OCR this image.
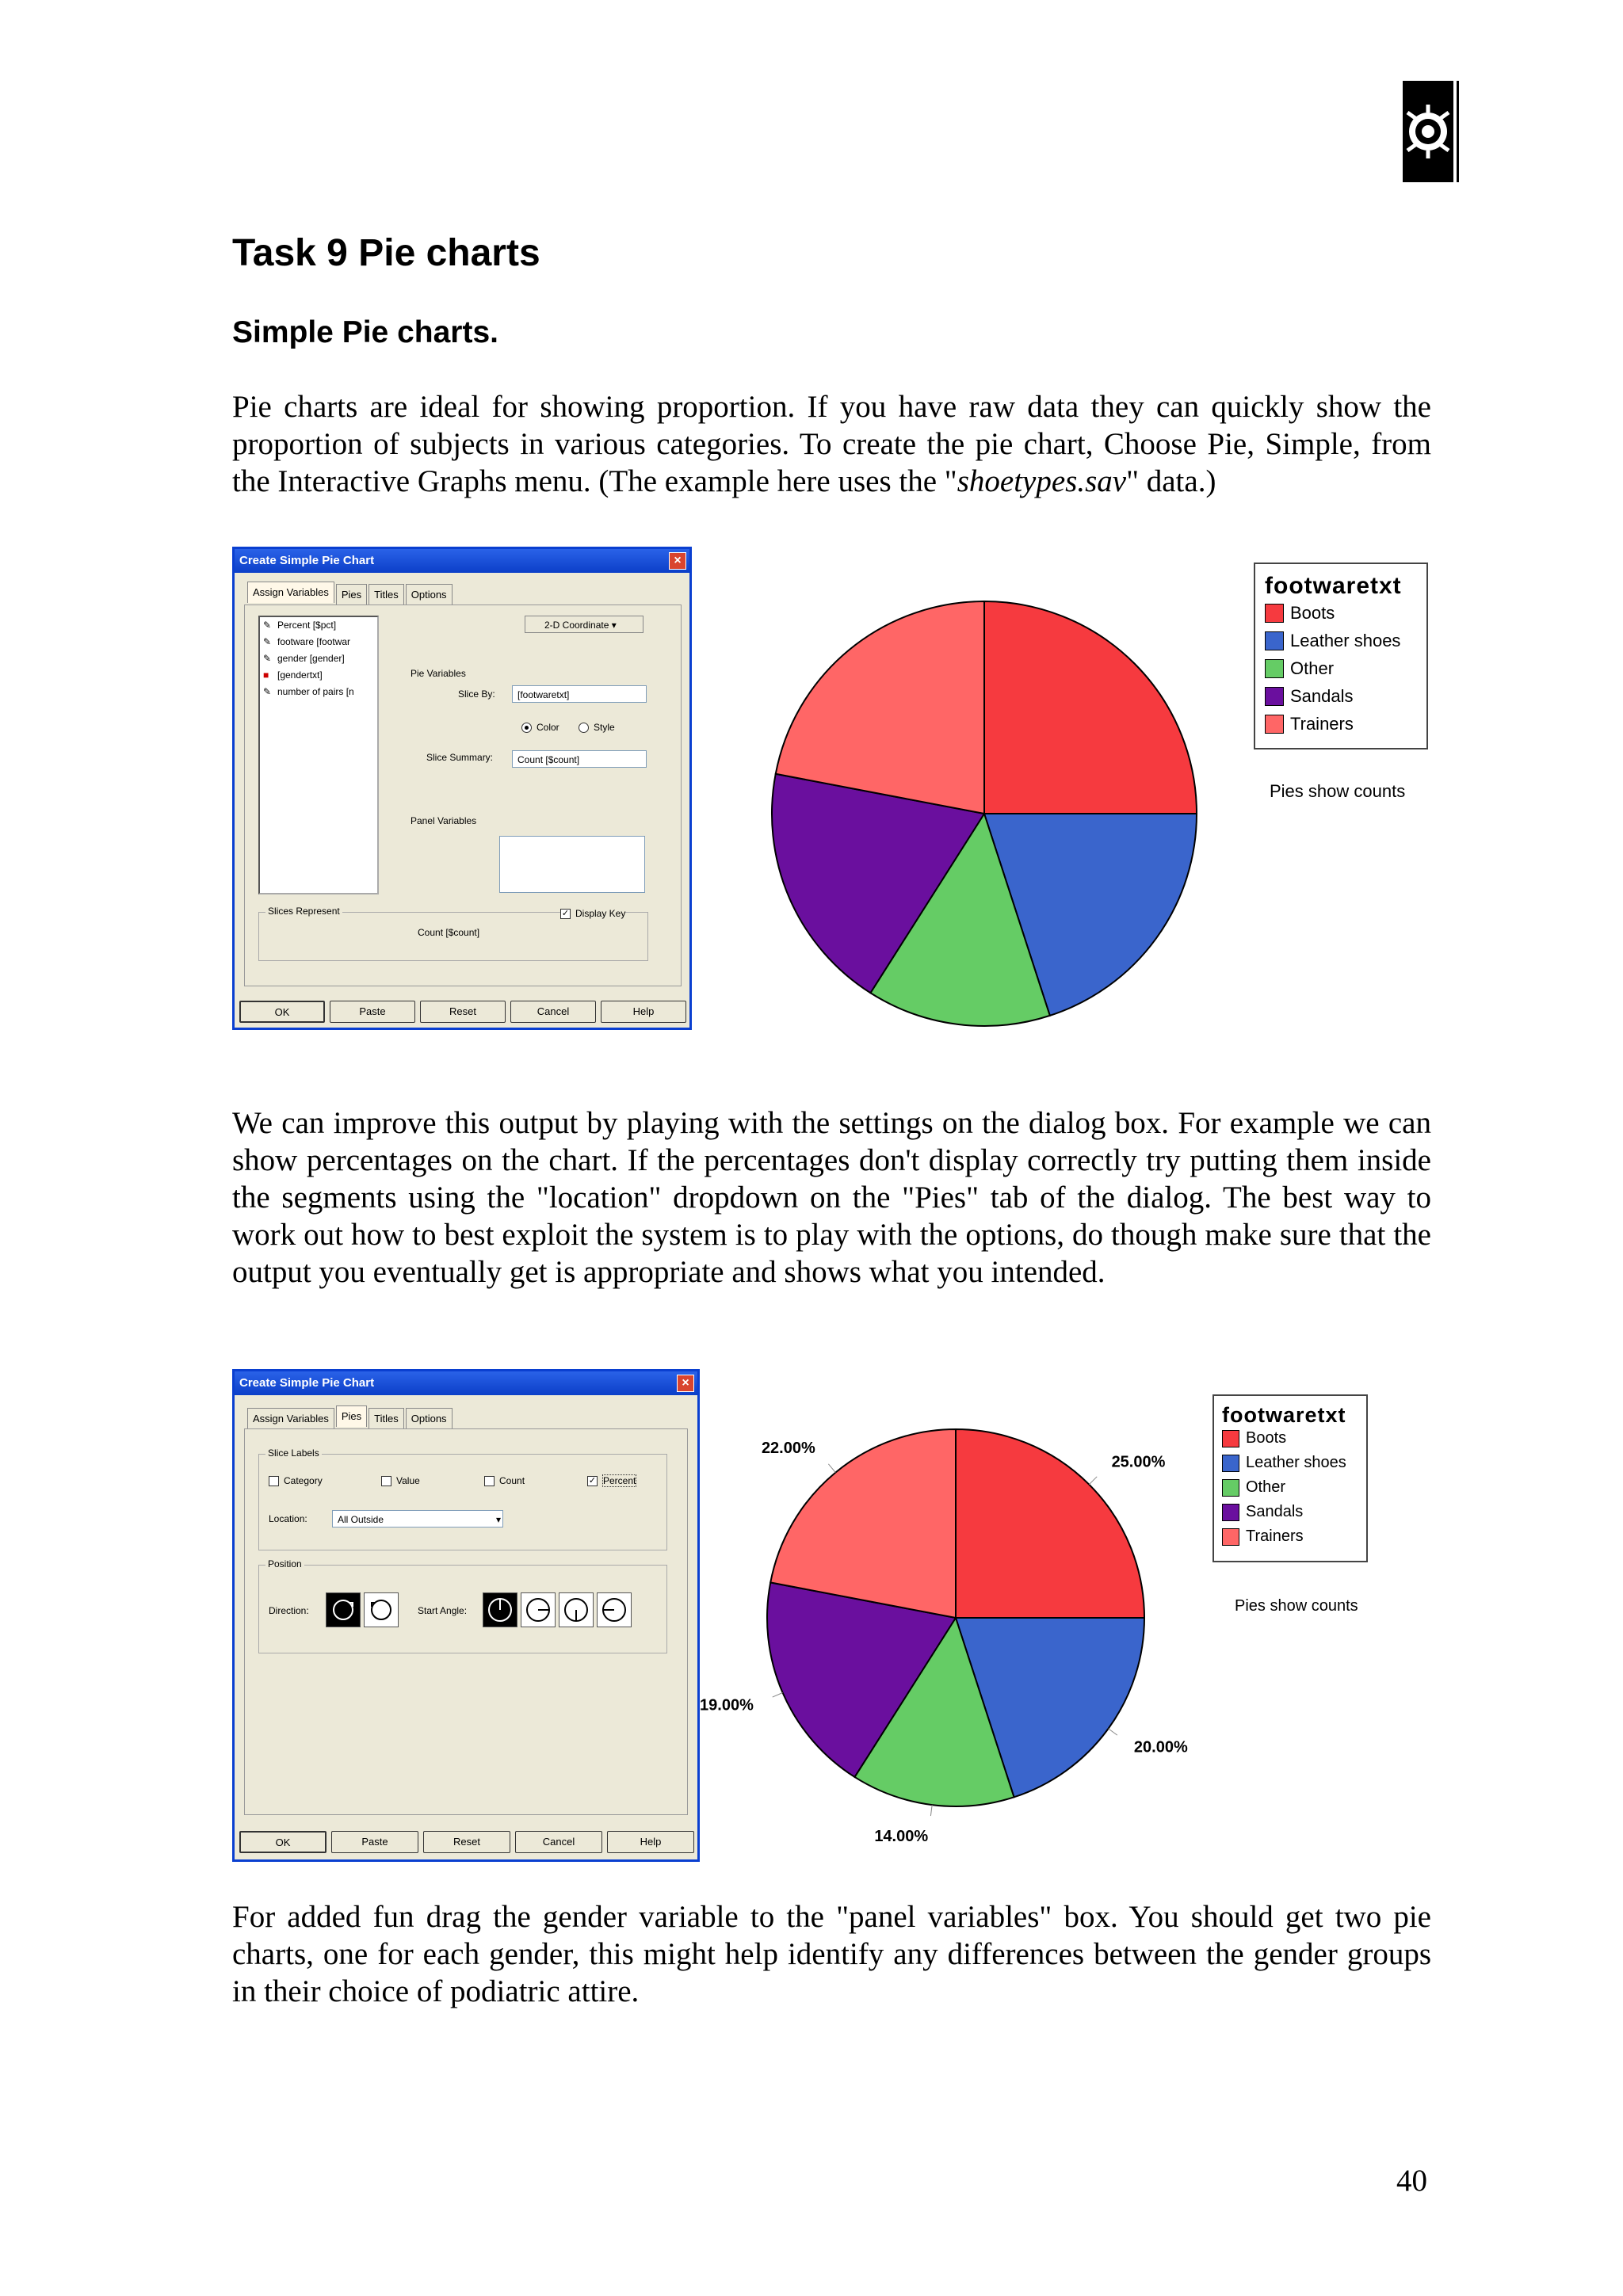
Task 9 Pie charts
Simple Pie charts.
Pie charts are ideal for showing proportion. If you have raw data they can quickly show the proportion of subjects in various categories. To create the pie chart, Choose Pie, Simple, from the Interactive Graphs menu. (The example here uses the "shoetypes.sav" data.)
Create Simple Pie Chart	×
Assign Variables Pies Titles Options
✎ Percent [$pct]
✎ footware [footwar
✎ gender [gender]
■ [gendertxt]
✎ number of pairs [n
2-D Coordinate ▾
Pie Variables
Slice By:	[footwaretxt]
Color	Style
Slice Summary:	Count [$count]
Panel Variables
Slices Represent
Count [$count]
✓ Display Key
OK	Paste	Reset	Cancel	Help
footwaretxt
Boots
Leather shoes
Other
Sandals
Trainers
Pies show counts
We can improve this output by playing with the settings on the dialog box. For example we can show percentages on the chart. If the percentages don't display correctly try putting them inside the segments using the "location" dropdown on the "Pies" tab of the dialog. The best way to work out how to best exploit the system is to play with the options, do though make sure that the output you eventually get is appropriate and shows what you intended.
Create Simple Pie Chart	×
Assign Variables Pies Titles Options
Slice Labels
Category	Value	Count	✓ Percent
Location:	All Outside	▾
Position
Direction:	Start Angle:
OK	Paste	Reset	Cancel	Help
25.00%
20.00%
14.00%
19.00%
22.00%
footwaretxt
Boots
Leather shoes
Other
Sandals
Trainers
Pies show counts
For added fun drag the gender variable to the "panel variables" box. You should get two pie charts, one for each gender, this might help identify any differences between the gender groups in their choice of podiatric attire.
40
